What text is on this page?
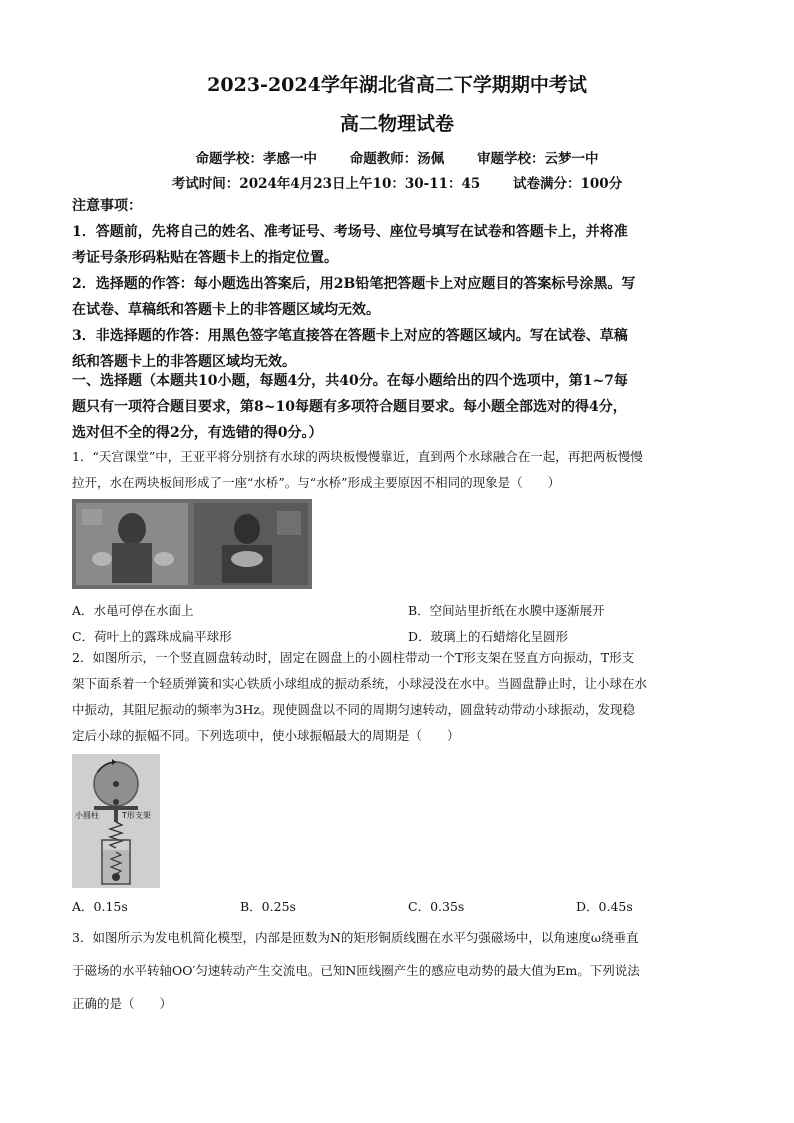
2023-2024学年湖北省高二下学期期中考试
高二物理试卷
命题学校：孝感一中 命题教师：汤佩 审题学校：云梦一中
考试时间：2024年4月23日上午10：30-11：45 试卷满分：100分
注意事项：
1．答题前，先将自己的姓名、准考证号、考场号、座位号填写在试卷和答题卡上，并将准
考证号条形码粘贴在答题卡上的指定位置。
2．选择题的作答：每小题选出答案后，用2B铅笔把答题卡上对应题目的答案标号涂黑。写
在试卷、草稿纸和答题卡上的非答题区域均无效。
3．非选择题的作答：用黑色签字笔直接答在答题卡上对应的答题区域内。写在试卷、草稿
纸和答题卡上的非答题区域均无效。
一、选择题（本题共10小题，每题4分，共40分。在每小题给出的四个选项中，第1~7每
题只有一项符合题目要求，第8~10每题有多项符合题目要求。每小题全部选对的得4分，
选对但不全的得2分，有选错的得0分。）

1．“天宫课堂”中，王亚平将分别挤有水球的两块板慢慢靠近，直到两个水球融合在一起，再把两板慢慢

拉开，水在两块板间形成了一座“水桥”。与“水桥”形成主要原因不相同的现象是（　　）

A．水黾可停在水面上	B．空间站里折纸在水膜中逐渐展开
C．荷叶上的露珠成扁平球形	D．玻璃上的石蜡熔化呈圆形

2．如图所示，一个竖直圆盘转动时，固定在圆盘上的小圆柱带动一个T形支架在竖直方向振动，T形支

架下面系着一个轻质弹簧和实心铁质小球组成的振动系统，小球浸没在水中。当圆盘静止时，让小球在水

中振动，其阻尼振动的频率为3Hz。现使圆盘以不同的周期匀速转动，圆盘转动带动小球振动，发现稳

定后小球的振幅不同。下列选项中，使小球振幅最大的周期是（　　）

小圆柱	T形支架
A．0.15s	B．0.25s	C．0.35s	D．0.45s

3．如图所示为发电机简化模型，内部是匝数为N的矩形铜质线圈在水平匀强磁场中，以角速度ω绕垂直

于磁场的水平转轴OO′匀速转动产生交流电。已知N匝线圈产生的感应电动势的最大值为Em。下列说法

正确的是（　　）
